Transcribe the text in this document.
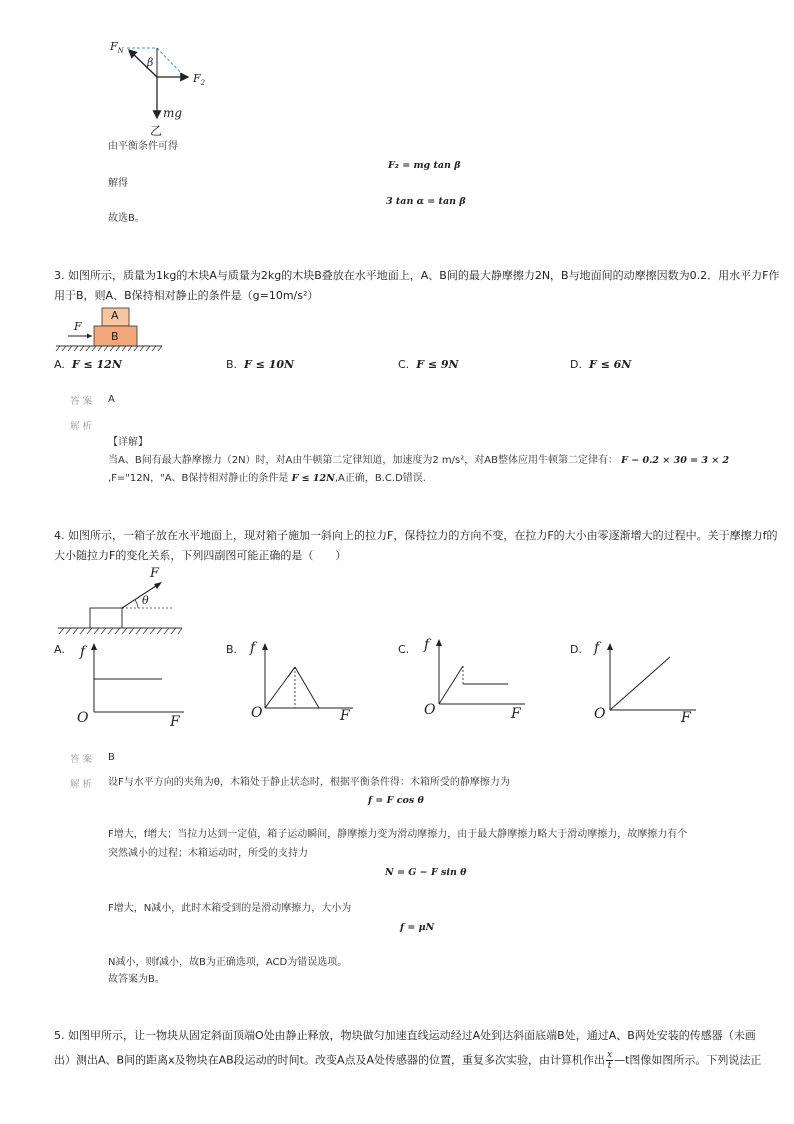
$F_N$
β
$F_2$
mg
乙
由平衡条件可得
F₂ = mg tan β
解得
3 tan α = tan β
故选B。
3. 如图所示，质量为1kg的木块A与质量为2kg的木块B叠放在水平地面上，A、B间的最大静摩擦力2N，B与地面间的动摩擦因数为0.2．用水平力F作
用于B，则A、B保持相对静止的条件是（g=10m/s²）
A
B
F
A. F ≤ 12N	B. F ≤ 10N	C. F ≤ 9N	D. F ≤ 6N
答案 A
解析
【详解】
当A、B间有最大静摩擦力（2N）时，对A由牛顿第二定律知道，加速度为2 m/s²，对AB整体应用牛顿第二定律有： F − 0.2 × 30 = 3 × 2
,F="12N，"A、B保持相对静止的条件是 F ≤ 12N,A正确，B.C.D错误.
4. 如图所示，一箱子放在水平地面上，现对箱子施加一斜向上的拉力F，保持拉力的方向不变，在拉力F的大小由零逐渐增大的过程中。关于摩擦力f的
大小随拉力F的变化关系，下列四副图可能正确的是（　　）
F
θ
A. f
O	F
B. f
O	F
C. f
O	F
D. f
O	F
答案 B
解析 设F与水平方向的夹角为θ，木箱处于静止状态时，根据平衡条件得：木箱所受的静摩擦力为
f = F cos θ
F增大，f增大；当拉力达到一定值，箱子运动瞬间，静摩擦力变为滑动摩擦力，由于最大静摩擦力略大于滑动摩擦力，故摩擦力有个
突然减小的过程；木箱运动时，所受的支持力
N = G − F sin θ
F增大，N减小，此时木箱受到的是滑动摩擦力，大小为
f = μN
N减小，则f减小，故B为正确选项，ACD为错误选项。
故答案为B。
5. 如图甲所示，让一物块从固定斜面顶端O处由静止释放，物块做匀加速直线运动经过A处到达斜面底端B处，通过A、B两处安装的传感器（未画
出）测出A、B间的距离x及物块在AB段运动的时间t。改变A点及A处传感器的位置，重复多次实验，由计算机作出 $\frac{x}{t}$ —t图像如图所示。下列说法正
